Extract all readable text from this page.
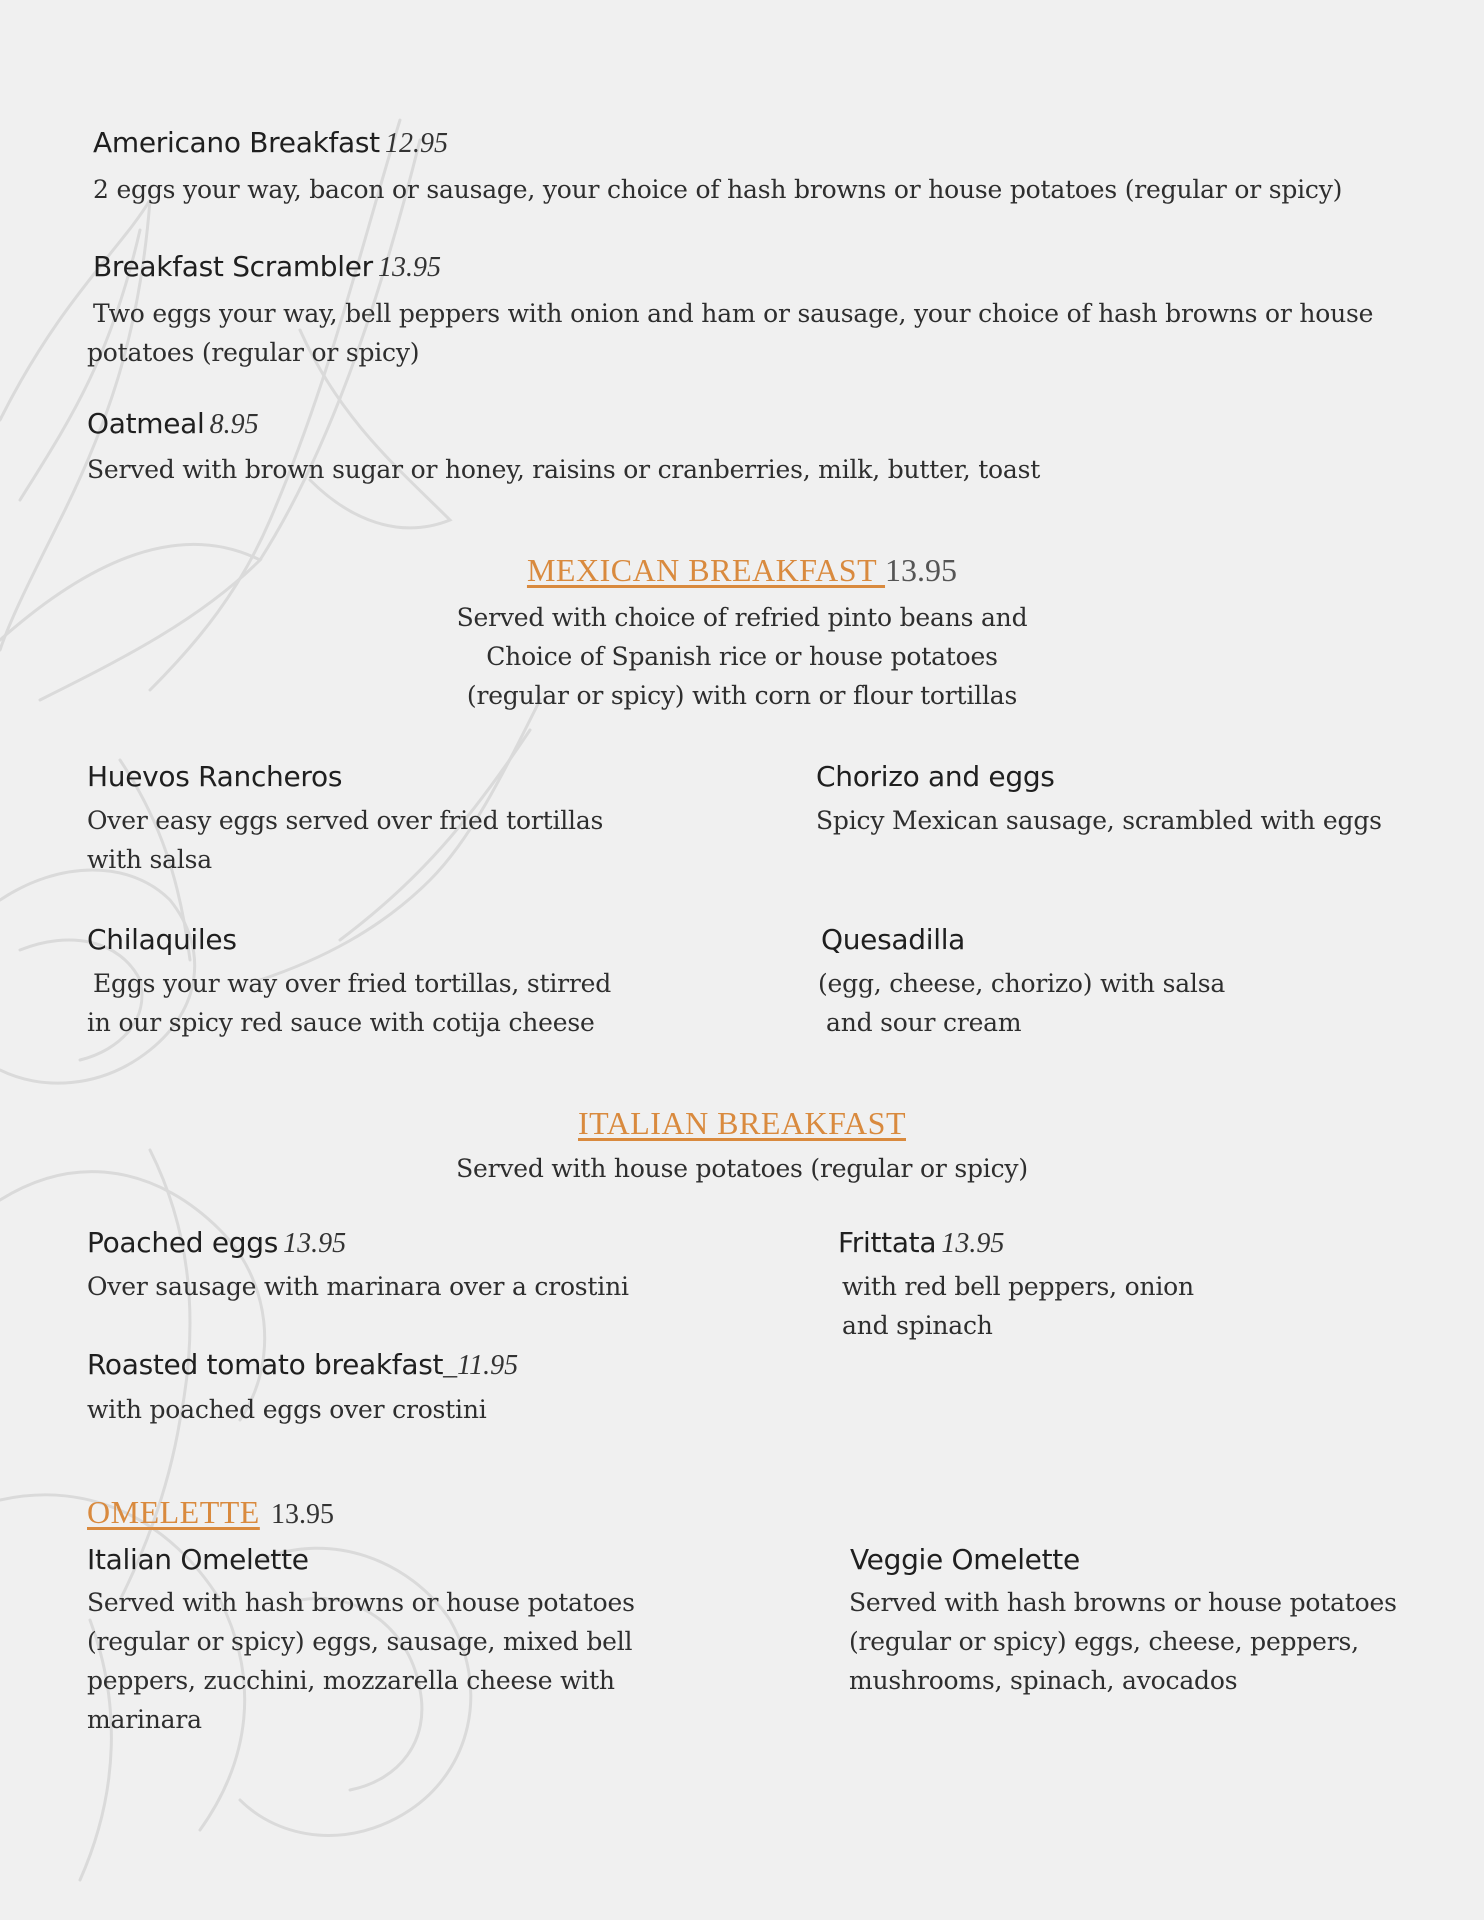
Americano Breakfast 12.95
2 eggs your way, bacon or sausage, your choice of hash browns or house potatoes (regular or spicy)
Breakfast Scrambler 13.95
Two eggs your way, bell peppers with onion and ham or sausage, your choice of hash browns or house
potatoes (regular or spicy)
Oatmeal 8.95
Served with brown sugar or honey, raisins or cranberries, milk, butter, toast
MEXICAN BREAKFAST 13.95
Served with choice of refried pinto beans and
Choice of Spanish rice or house potatoes
(regular or spicy) with corn or flour tortillas
Huevos Rancheros
Over easy eggs served over fried tortillas
with salsa
Chorizo and eggs
Spicy Mexican sausage, scrambled with eggs
Chilaquiles
Eggs your way over fried tortillas, stirred
in our spicy red sauce with cotija cheese
Quesadilla
(egg, cheese, chorizo) with salsa
and sour cream
ITALIAN BREAKFAST
Served with house potatoes (regular or spicy)
Poached eggs 13.95
Over sausage with marinara over a crostini
Frittata 13.95
with red bell peppers, onion
and spinach
Roasted tomato breakfast_11.95
with poached eggs over crostini
OMELETTE 13.95
Italian Omelette
Served with hash browns or house potatoes
(regular or spicy) eggs, sausage, mixed bell
peppers, zucchini, mozzarella cheese with
marinara
Veggie Omelette
Served with hash browns or house potatoes
(regular or spicy) eggs, cheese, peppers,
mushrooms, spinach, avocados
